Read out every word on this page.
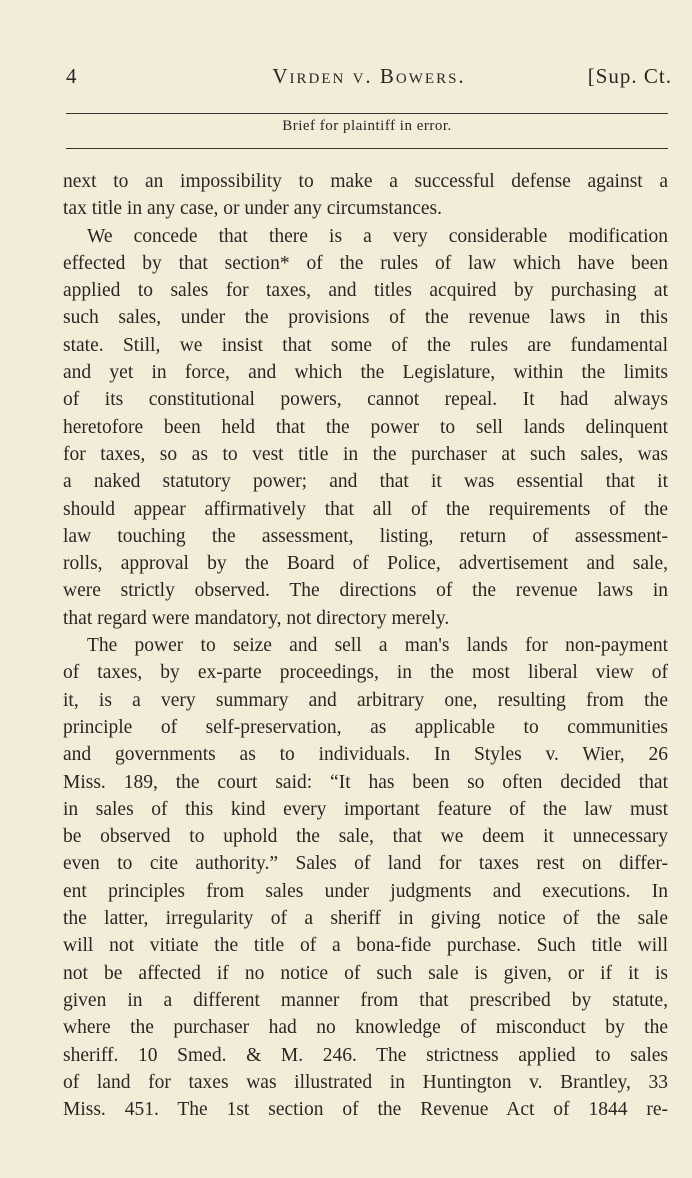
4	Virden v. Bowers.	[Sup. Ct.
Brief for plaintiff in error.
next to an impossibility to make a successful defense against a
tax title in any case, or under any circumstances.
We concede that there is a very considerable modification
effected by that section* of the rules of law which have been
applied to sales for taxes, and titles acquired by purchasing at
such sales, under the provisions of the revenue laws in this
state. Still, we insist that some of the rules are fundamental
and yet in force, and which the Legislature, within the limits
of its constitutional powers, cannot repeal. It had always
heretofore been held that the power to sell lands delinquent
for taxes, so as to vest title in the purchaser at such sales, was
a naked statutory power; and that it was essential that it
should appear affirmatively that all of the requirements of the
law touching the assessment, listing, return of assessment-
rolls, approval by the Board of Police, advertisement and sale,
were strictly observed. The directions of the revenue laws in
that regard were mandatory, not directory merely.
The power to seize and sell a man's lands for non-payment
of taxes, by ex-parte proceedings, in the most liberal view of
it, is a very summary and arbitrary one, resulting from the
principle of self-preservation, as applicable to communities
and governments as to individuals. In Styles v. Wier, 26
Miss. 189, the court said: “It has been so often decided that
in sales of this kind every important feature of the law must
be observed to uphold the sale, that we deem it unnecessary
even to cite authority.” Sales of land for taxes rest on differ-
ent principles from sales under judgments and executions. In
the latter, irregularity of a sheriff in giving notice of the sale
will not vitiate the title of a bona-fide purchase. Such title will
not be affected if no notice of such sale is given, or if it is
given in a different manner from that prescribed by statute,
where the purchaser had no knowledge of misconduct by the
sheriff. 10 Smed. & M. 246. The strictness applied to sales
of land for taxes was illustrated in Huntington v. Brantley, 33
Miss. 451. The 1st section of the Revenue Act of 1844 re-
